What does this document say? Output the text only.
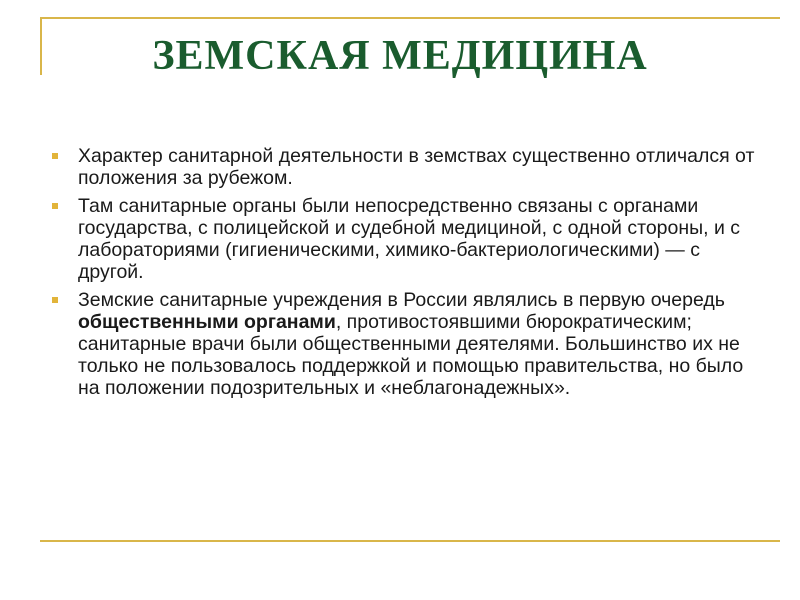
ЗЕМСКАЯ МЕДИЦИНА
Характер санитарной деятельности в земствах существенно отличался от положения за рубежом.
Там санитарные органы были непосредственно связаны с органами государства, с полицейской и судебной медициной, с одной стороны, и с лабораториями (гигиеническими, химико-бактериологическими) — с другой.
Земские санитарные учреждения в России являлись в первую очередь общественными органами, противостоявшими бюрократическим; санитарные врачи были общественными деятелями. Большинство их не только не пользовалось поддержкой и помощью правительства, но было на положении подозрительных и «неблагонадежных».
